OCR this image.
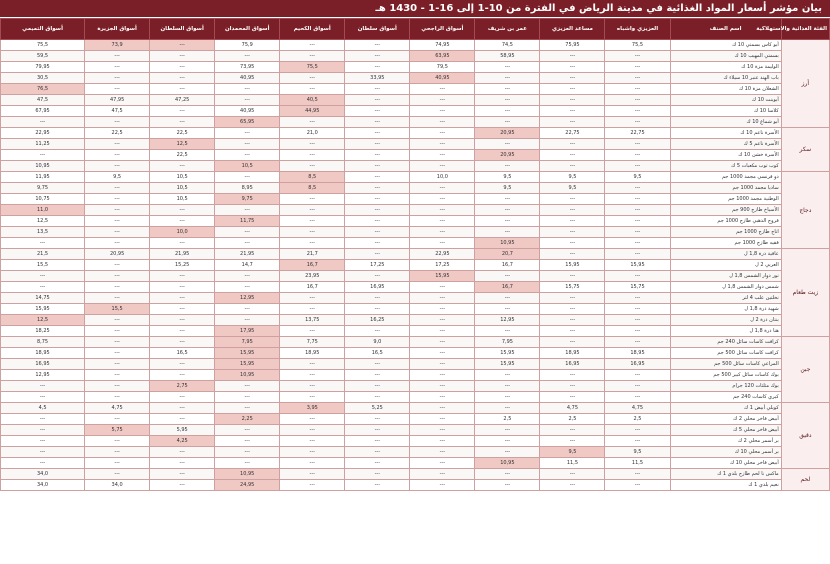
بيان مؤشر أسعار المواد الغذائية في مدينة الرياض في الفترة من 10-1 إلى 16-1 - 1430 هـ
الفئة الغذائية والاستهلاكية	اسم الصنف	العزيزي واشباه	مساعد العزيزي	عمر بن شريف	أسواق الراجحي	أسواق سلطان	أسواق الكحيم	أسواق المحمدان	أسواق السلطان	أسواق الجزيرة	أسواق التميمي
أرز	أبو كاس بسمتي 10 ك	75,5	75,95	74,5	74,95	---	---	75,9	---	73,9	75,5
	بسمتي المهيب 10 ك	---	---	58,95	63,95	---	---	---	---	---	59,5
	الوليمة مزة 10 ك	---	---	---	79,5	---	75,5	73,95	---	---	79,95
	باب الهند عنبر 10 سيلاء ك	---	---	---	40,95	33,95	---	40,95	---	---	30,5
	الشعلان مزة 10 ك	---	---	---	---	---	---	---	---	---	76,5
	أبوبنت 10 ك	---	---	---	---	---	40,5	---	47,25	47,95	47,5
	كلاسا 10 ك	---	---	---	---	---	44,95	40,95	---	47,5	67,95
	أبو شماغ 10 ك	---	---	---	---	---	---	65,95	---	---	---
سكر	الأسرة ناعم 10 ك	22,75	22,75	20,95	---	---	21,0	---	22,5	22,5	22,95
	الأسرة ناعم 5 ك	---	---	---	---	---	---	---	12,5	---	11,25
	الأسرة خشن 10 ك	---	---	20,95	---	---	---	---	22,5	---	---
	كوب توب مكعبات 5 ك	---	---	---	---	---	---	10,5	---	---	10,95
دجاج	دو فرنسي مجمد 1000 جم	9,5	9,5	9,5	10,0	---	8,5	---	10,5	9,5	11,95
	ساديا مجمد 1000 جم	---	9,5	9,5	---	---	8,5	8,95	10,5	---	9,75
	الوطنية مجمد 1000 جم	---	---	---	---	---	---	9,75	10,5	---	10,75
	الأسياخ طازج 900 جم	---	---	---	---	---	---	---	---	---	11,0
	فروج الذهبي طازج 1000 جم	---	---	---	---	---	---	11,75	---	---	12,5
	اتاج طازج 1000 جم	---	---	---	---	---	---	---	10,0	---	13,5
	فقيه طازج 1000 جم	---	---	10,95	---	---	---	---	---	---	---
زيت طعام	عافية ذرة 1,8 ل	---	---	20,7	22,95	---	21,7	21,95	21,95	20,95	21,5
	العربي 2 ل	15,95	15,95	16,7	17,25	17,25	16,7	14,7	15,25	---	15,5
	نور دوار الشمس 1,8 ل	---	---	---	15,95	---	23,95	---	---	---	---
	شمس دوار الشمس 1,8 ل	15,75	15,75	16,7	---	16,95	16,7	---	---	---	---
	نخلتين علب 4 لتر	---	---	---	---	---	---	12,95	---	---	14,75
	شهية ذرة 1,8 ل	---	---	---	---	---	---	---	---	15,5	15,95
	بنتان ذرة 2 ل	---	---	12,95	---	16,25	13,75	---	---	---	12,5
	هنا ذرة 1,8 ل	---	---	---	---	---	---	17,95	---	---	18,25
جبن	كرافت كاسات سائل 240 جم	---	---	7,95	---	9,0	7,75	7,95	---	---	8,75
	كرافت كاسات سائل 500 جم	18,95	18,95	15,95	---	16,5	18,95	15,95	16,5	---	18,95
	المراعي كاسات سائل 500 جم	16,95	16,95	15,95	---	---	---	15,95	---	---	16,95
	بوك كاسات سائل كبير 500 جم	---	---	---	---	---	---	10,95	---	---	12,95
	بوك مثلثات 120 جرام	---	---	---	---	---	---	---	2,75	---	---
	كيري كاسات 240 جم	---	---	---	---	---	---	---	---	---	---
دقيق	كوبلي أبيض 1 ك	4,75	4,75	---	---	5,25	3,95	---	---	4,75	4,5
	أبيض فاخر محلي 2 ك	2,5	2,5	2,5	---	---	---	2,25	---	---	---
	أبيض فاخر محلي 5 ك	---	---	---	---	---	---	---	5,95	5,75	---
	بر أسمر محلي 2 ك	---	---	---	---	---	---	---	4,25	---	---
	بر أسمر محلي 10 ك	9,5	9,5	---	---	---	---	---	---	---	---
	أبيض فاخر محلي 10 ك	11,5	11,5	10,95	---	---	---	---	---	---	---
لحم	ماكس نا لحم طازج بلدي 1 ك	---	---	---	---	---	---	10,95	---	---	34,0
	نعيم بلدي 1 ك	---	---	---	---	---	---	24,95	---	34,0	34,0
